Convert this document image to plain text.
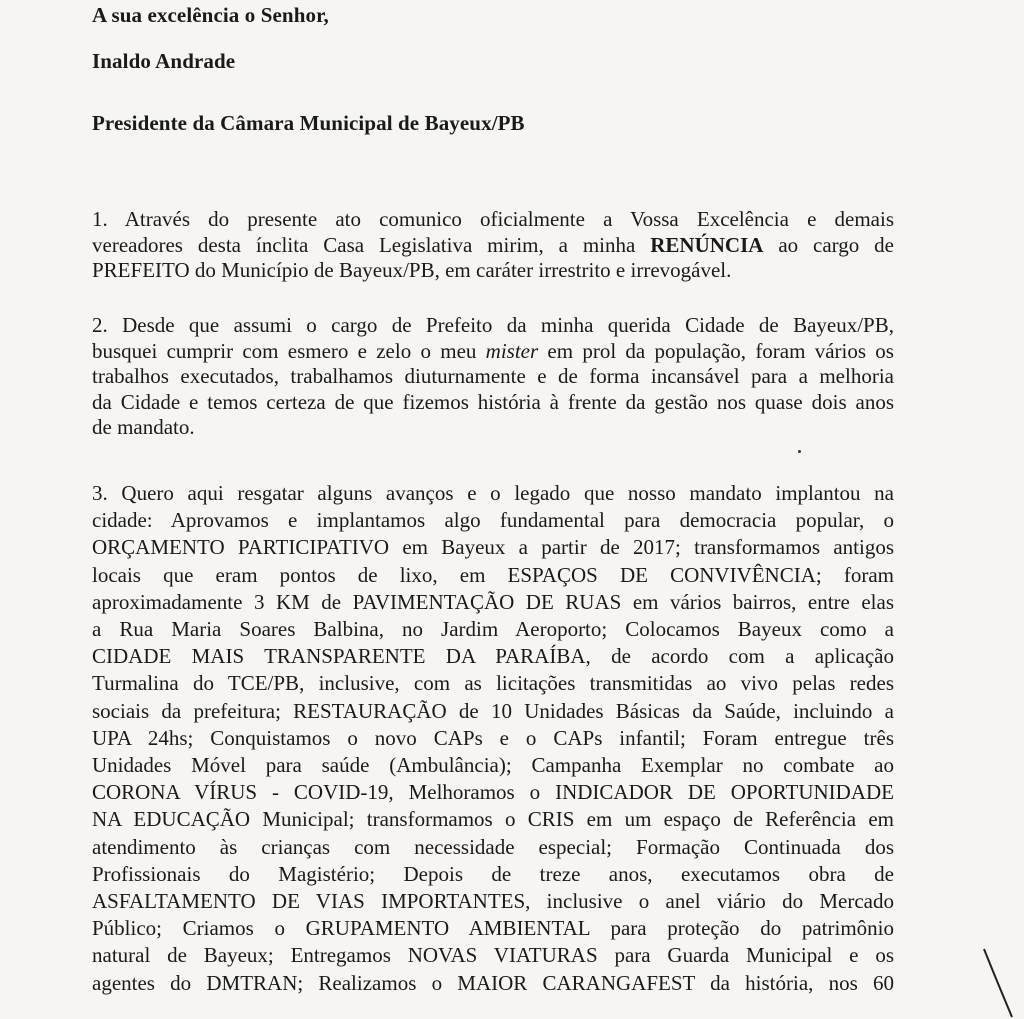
A sua excelência o Senhor,
Inaldo Andrade
Presidente da Câmara Municipal de Bayeux/PB
1. Através do presente ato comunico oficialmente a Vossa Excelência e demais
vereadores desta ínclita Casa Legislativa mirim, a minha RENÚNCIA ao cargo de
PREFEITO do Município de Bayeux/PB, em caráter irrestrito e irrevogável.
2. Desde que assumi o cargo de Prefeito da minha querida Cidade de Bayeux/PB,
busquei cumprir com esmero e zelo o meu mister em prol da população, foram vários os
trabalhos executados, trabalhamos diuturnamente e de forma incansável para a melhoria
da Cidade e temos certeza de que fizemos história à frente da gestão nos quase dois anos
de mandato.
3. Quero aqui resgatar alguns avanços e o legado que nosso mandato implantou na
cidade: Aprovamos e implantamos algo fundamental para democracia popular, o
ORÇAMENTO PARTICIPATIVO em Bayeux a partir de 2017; transformamos antigos
locais que eram pontos de lixo, em ESPAÇOS DE CONVIVÊNCIA; foram
aproximadamente 3 KM de PAVIMENTAÇÃO DE RUAS em vários bairros, entre elas
a Rua Maria Soares Balbina, no Jardim Aeroporto; Colocamos Bayeux como a
CIDADE MAIS TRANSPARENTE DA PARAÍBA, de acordo com a aplicação
Turmalina do TCE/PB, inclusive, com as licitações transmitidas ao vivo pelas redes
sociais da prefeitura; RESTAURAÇÃO de 10 Unidades Básicas da Saúde, incluindo a
UPA 24hs; Conquistamos o novo CAPs e o CAPs infantil; Foram entregue três
Unidades Móvel para saúde (Ambulância); Campanha Exemplar no combate ao
CORONA VÍRUS - COVID-19, Melhoramos o INDICADOR DE OPORTUNIDADE
NA EDUCAÇÃO Municipal; transformamos o CRIS em um espaço de Referência em
atendimento às crianças com necessidade especial; Formação Continuada dos
Profissionais do Magistério; Depois de treze anos, executamos obra de
ASFALTAMENTO DE VIAS IMPORTANTES, inclusive o anel viário do Mercado
Público; Criamos o GRUPAMENTO AMBIENTAL para proteção do patrimônio
natural de Bayeux; Entregamos NOVAS VIATURAS para Guarda Municipal e os
agentes do DMTRAN; Realizamos o MAIOR CARANGAFEST da história, nos 60
